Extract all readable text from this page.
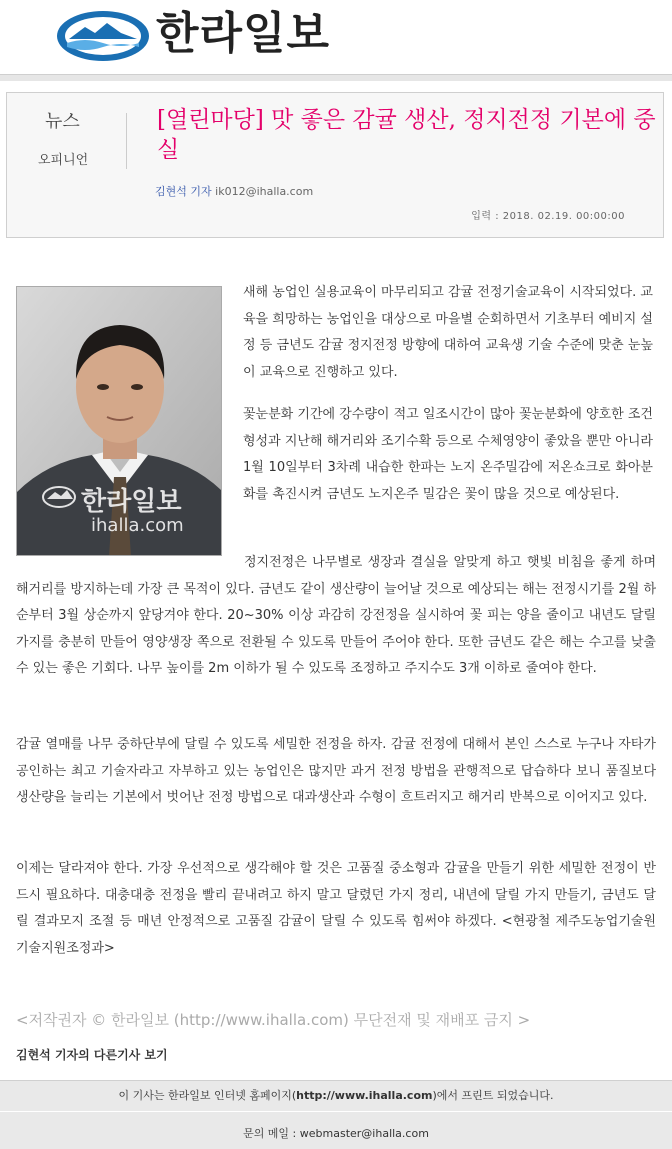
한라일보
뉴스
오피니언
[열린마당] 맛 좋은 감귤 생산, 정지전정 기본에 중실
김현석 기자 ik012@ihalla.com
입력 : 2018. 02.19. 00:00:00
한라일보
ihalla.com

새해 농업인 실용교육이 마무리되고 감귤 전정기술교육이 시작되었다. 교육을 희망하는 농업인을 대상으로 마을별 순회하면서 기초부터 예비지 설정 등 금년도 감귤 정지전정 방향에 대하여 교육생 기술 수준에 맞춘 눈높이 교육으로 진행하고 있다.

꽃눈분화 기간에 강수량이 적고 일조시간이 많아 꽃눈분화에 양호한 조건 형성과 지난해 해거리와 조기수확 등으로 수체영양이 좋았을 뿐만 아니라 1월 10일부터 3차례 내습한 한파는 노지 온주밀감에 저온쇼크로 화아분화를 촉진시켜 금년도 노지온주 밀감은 꽃이 많을 것으로 예상된다.

정지전정은 나무별로 생장과 결실을 알맞게 하고 햇빛 비침을 좋게 하며 해거리를 방지하는데 가장 큰 목적이 있다. 금년도 같이 생산량이 늘어날 것으로 예상되는 해는 전정시기를 2월 하순부터 3월 상순까지 앞당겨야 한다. 20~30% 이상 과감히 강전정을 실시하여 꽃 피는 양을 줄이고 내년도 달릴 가지를 충분히 만들어 영양생장 쪽으로 전환될 수 있도록 만들어 주어야 한다. 또한 금년도 같은 해는 수고를 낮출 수 있는 좋은 기회다. 나무 높이를 2m 이하가 될 수 있도록 조정하고 주지수도 3개 이하로 줄여야 한다.

감귤 열매를 나무 중하단부에 달릴 수 있도록 세밀한 전정을 하자. 감귤 전정에 대해서 본인 스스로 누구나 자타가 공인하는 최고 기술자라고 자부하고 있는 농업인은 많지만 과거 전정 방법을 관행적으로 답습하다 보니 품질보다 생산량을 늘리는 기본에서 벗어난 전정 방법으로 대과생산과 수형이 흐트러지고 해거리 반복으로 이어지고 있다.

이제는 달라져야 한다. 가장 우선적으로 생각해야 할 것은 고품질 중소형과 감귤을 만들기 위한 세밀한 전정이 반드시 필요하다. 대충대충 전정을 빨리 끝내려고 하지 말고 달렸던 가지 정리, 내년에 달릴 가지 만들기, 금년도 달릴 결과모지 조절 등 매년 안정적으로 고품질 감귤이 달릴 수 있도록 힘써야 하겠다. <현광철 제주도농업기술원 기술지원조정과>

<저작권자 © 한라일보 (http://www.ihalla.com) 무단전재 및 재배포 금지 >
김현석 기자의 다른기사 보기
이 기사는 한라일보 인터넷 홈페이지(http://www.ihalla.com)에서 프린트 되었습니다.
문의 메일 : webmaster@ihalla.com
